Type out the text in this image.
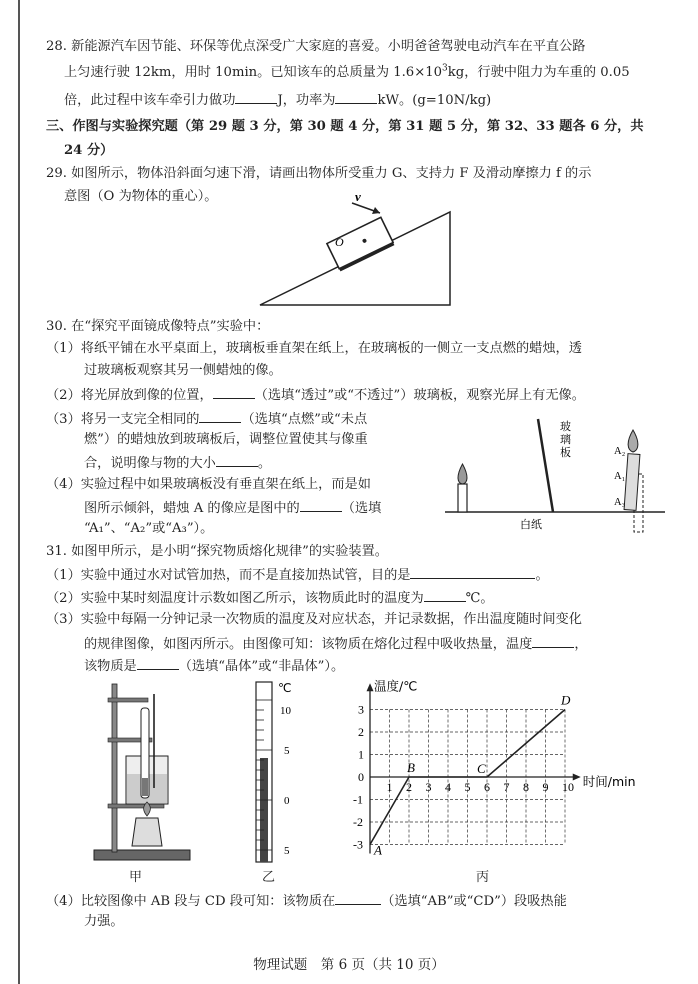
28. 新能源汽车因节能、环保等优点深受广大家庭的喜爱。小明爸爸驾驶电动汽车在平直公路
上匀速行驶 12km，用时 10min。已知该车的总质量为 $1.6\times 10^3kg$，行驶中阻力为车重的 0.05
倍，此过程中该车牵引力做功	J，功率为	kW。(g=10N/kg)
三、作图与实验探究题（第 29 题 3 分，第 30 题 4 分，第 31 题 5 分，第 32、33 题各 6 分，共
24 分）
29. 如图所示，物体沿斜面匀速下滑，请画出物体所受重力 G、支持力 F 及滑动摩擦力 f 的示
意图（O 为物体的重心）。
O
v
30. 在“探究平面镜成像特点”实验中：
（1）将纸平铺在水平桌面上，玻璃板垂直架在纸上，在玻璃板的一侧立一支点燃的蜡烛，透
过玻璃板观察其另一侧蜡烛的像。
（2）将光屏放到像的位置，	（选填“透过”或“不透过”）玻璃板，观察光屏上有无像。
（3）将另一支完全相同的	（选填“点燃”或“未点
燃”）的蜡烛放到玻璃板后，调整位置使其与像重
合，说明像与物的大小	。
（4）实验过程中如果玻璃板没有垂直架在纸上，而是如
图所示倾斜，蜡烛 A 的像应是图中的	（选填
“A₁”、“A₂”或“A₃”）。
玻
璃
板	A₂
A₁
A₃
白纸
31. 如图甲所示，是小明“探究物质熔化规律”的实验装置。
（1）实验中通过水对试管加热，而不是直接加热试管，目的是	。
（2）实验中某时刻温度计示数如图乙所示，该物质此时的温度为	℃。
（3）实验中每隔一分钟记录一次物质的温度及对应状态，并记录数据，作出温度随时间变化
的规律图像，如图丙所示。由图像可知：该物质在熔化过程中吸收热量，温度	，
该物质是	（选填“晶体”或“非晶体”）。
甲
℃
10
5
0
5
乙
1 2 3 4 5 6 7 8 9 10
3
2
1
-1
-2
-3
0
温度/℃
时间/min
A
B	C
D
丙
（4）比较图像中 AB 段与 CD 段可知：该物质在	（选填“AB”或“CD”）段吸热能
力强。
物理试题　第 6 页（共 10 页）
